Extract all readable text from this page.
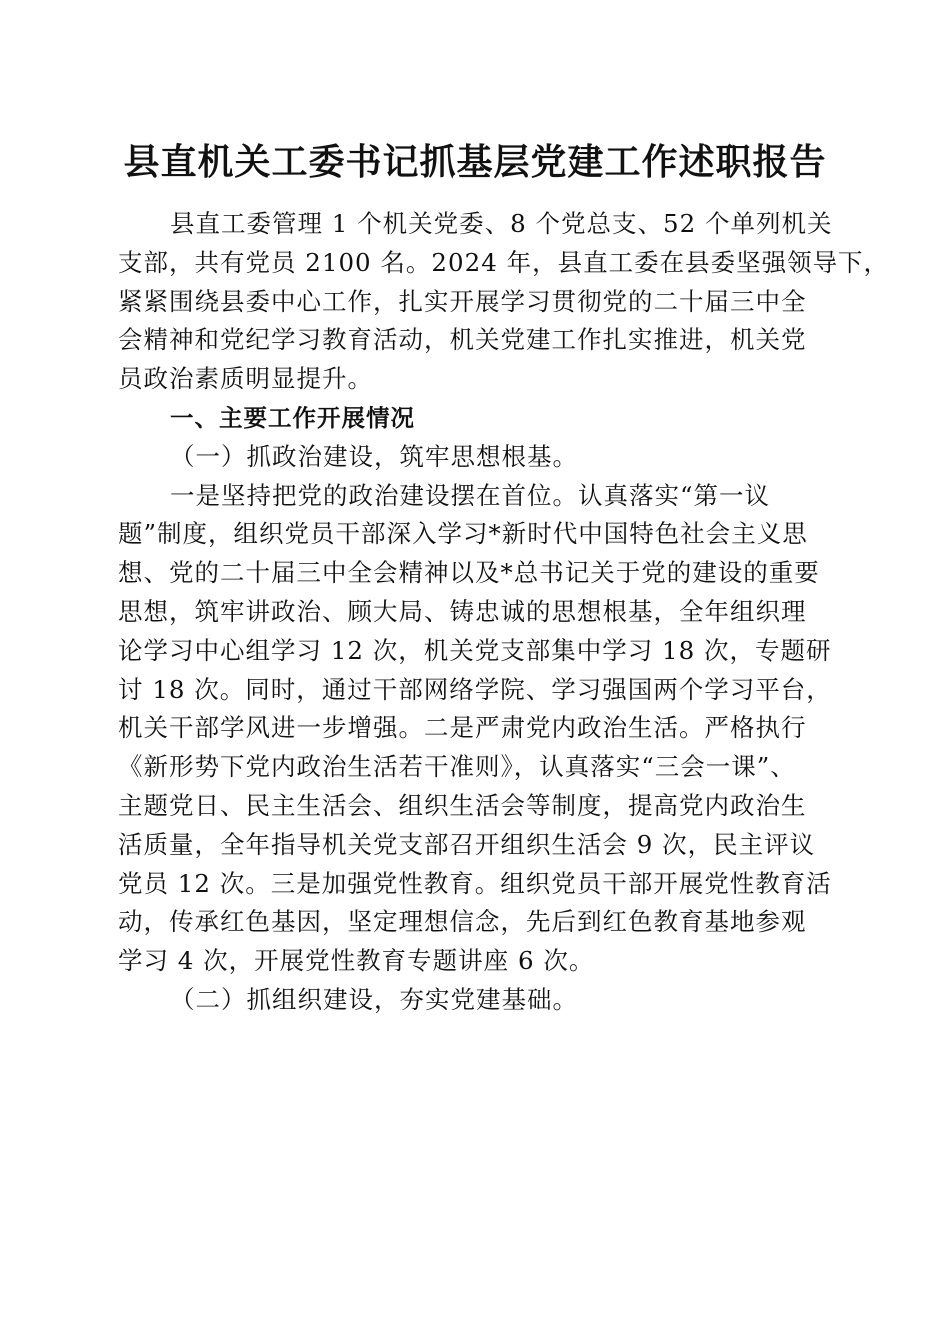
县直机关工委书记抓基层党建工作述职报告
县直工委管理 1 个机关党委、8 个党总支、52 个单列机关
支部，共有党员 2100 名。2024 年，县直工委在县委坚强领导下，
紧紧围绕县委中心工作，扎实开展学习贯彻党的二十届三中全
会精神和党纪学习教育活动，机关党建工作扎实推进，机关党
员政治素质明显提升。
一、主要工作开展情况
（一）抓政治建设，筑牢思想根基。
一是坚持把党的政治建设摆在首位。认真落实“第一议
题”制度，组织党员干部深入学习*新时代中国特色社会主义思
想、党的二十届三中全会精神以及*总书记关于党的建设的重要
思想，筑牢讲政治、顾大局、铸忠诚的思想根基，全年组织理
论学习中心组学习 12 次，机关党支部集中学习 18 次，专题研
讨 18 次。同时，通过干部网络学院、学习强国两个学习平台，
机关干部学风进一步增强。二是严肃党内政治生活。严格执行
《新形势下党内政治生活若干准则》，认真落实“三会一课”、
主题党日、民主生活会、组织生活会等制度，提高党内政治生
活质量，全年指导机关党支部召开组织生活会 9 次，民主评议
党员 12 次。三是加强党性教育。组织党员干部开展党性教育活
动，传承红色基因，坚定理想信念，先后到红色教育基地参观
学习 4 次，开展党性教育专题讲座 6 次。
（二）抓组织建设，夯实党建基础。
